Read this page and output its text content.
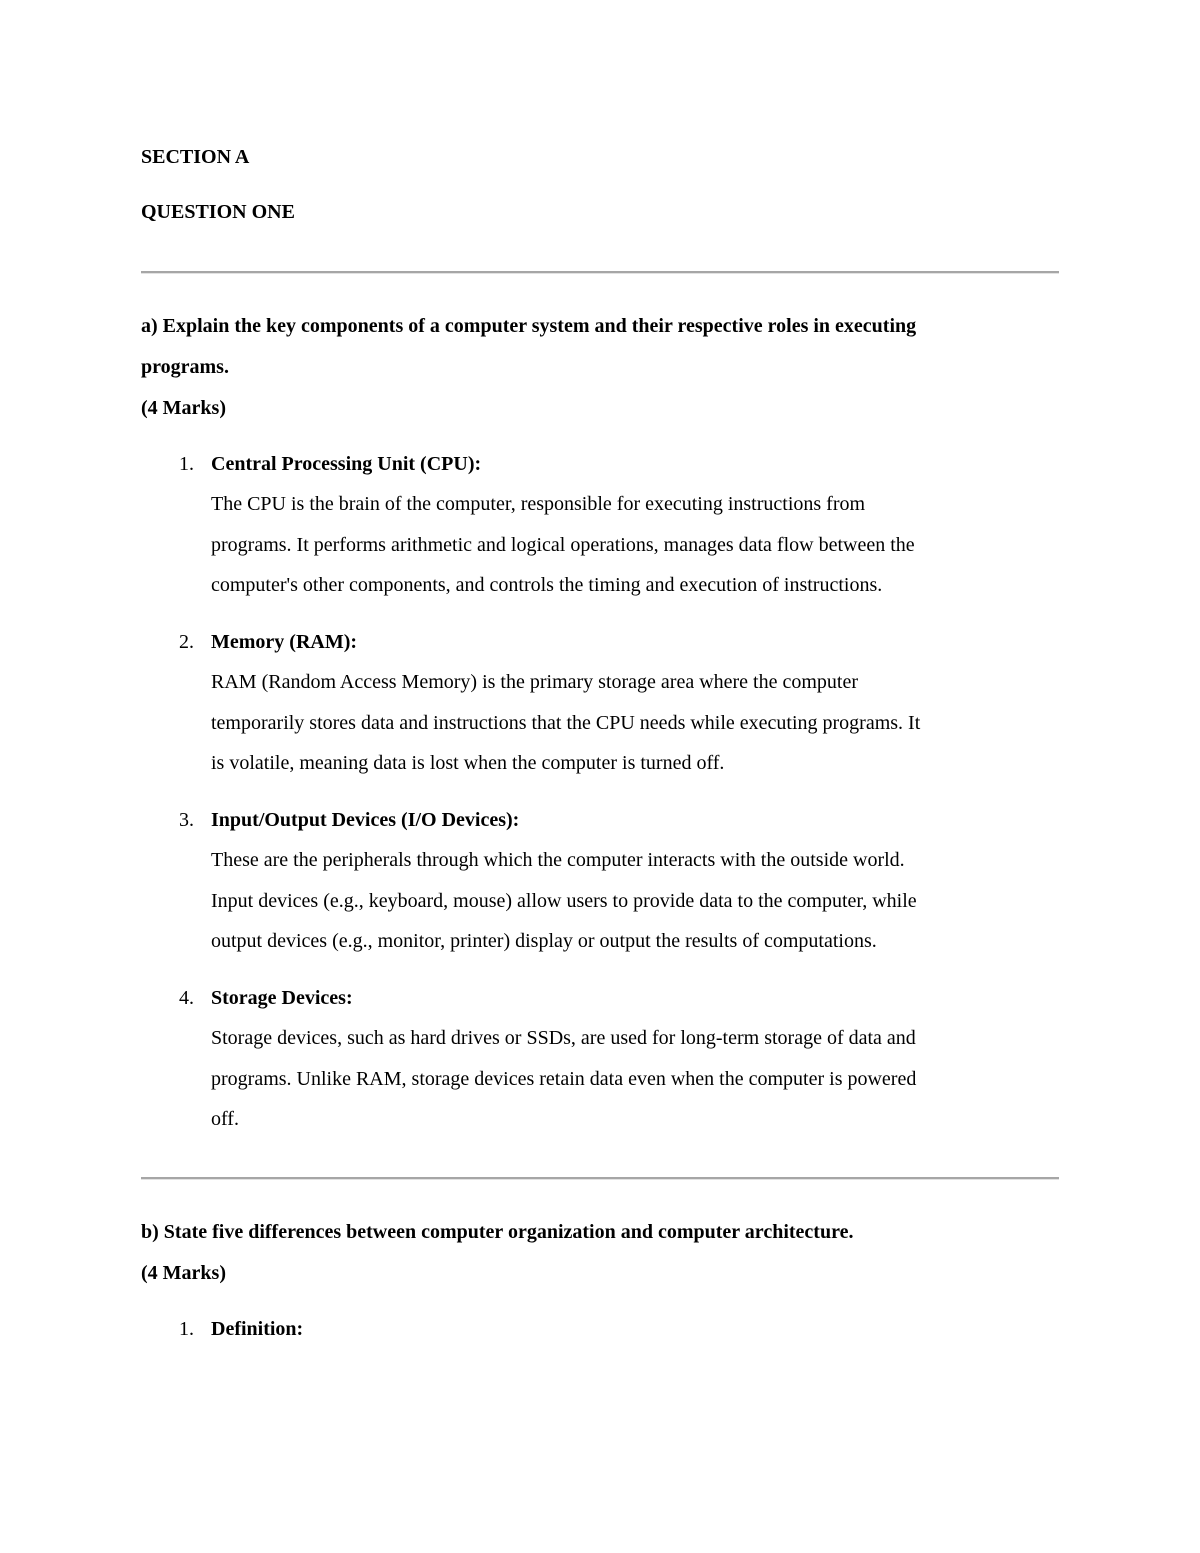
SECTION A
QUESTION ONE
a) Explain the key components of a computer system and their respective roles in executing
programs.
(4 Marks)
1. Central Processing Unit (CPU):
The CPU is the brain of the computer, responsible for executing instructions from
programs. It performs arithmetic and logical operations, manages data flow between the
computer's other components, and controls the timing and execution of instructions.
2. Memory (RAM):
RAM (Random Access Memory) is the primary storage area where the computer
temporarily stores data and instructions that the CPU needs while executing programs. It
is volatile, meaning data is lost when the computer is turned off.
3. Input/Output Devices (I/O Devices):
These are the peripherals through which the computer interacts with the outside world.
Input devices (e.g., keyboard, mouse) allow users to provide data to the computer, while
output devices (e.g., monitor, printer) display or output the results of computations.
4. Storage Devices:
Storage devices, such as hard drives or SSDs, are used for long-term storage of data and
programs. Unlike RAM, storage devices retain data even when the computer is powered
off.
b) State five differences between computer organization and computer architecture.
(4 Marks)
1. Definition:
